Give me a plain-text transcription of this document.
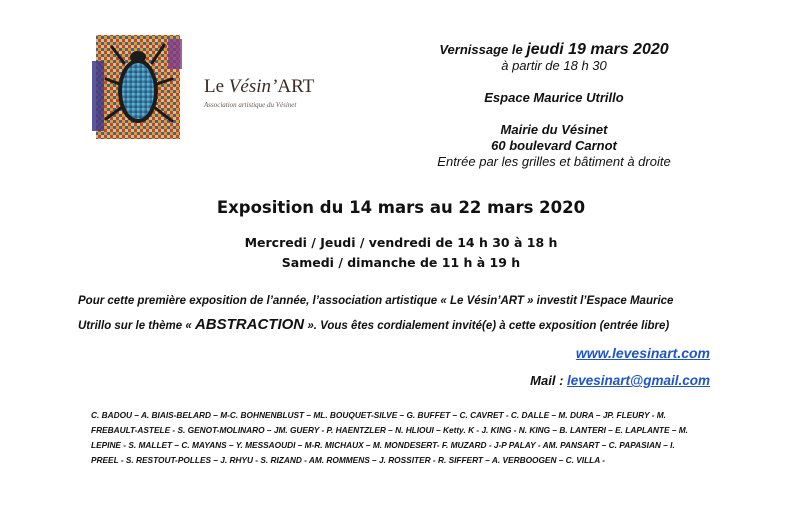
Le Vésin’ART
Association artistique du Vésinet
Vernissage le jeudi 19 mars 2020
à partir de 18 h 30
Espace Maurice Utrillo
Mairie du Vésinet
60 boulevard Carnot
Entrée par les grilles et bâtiment à droite
Exposition du 14 mars au 22 mars 2020
Mercredi / Jeudi / vendredi de 14 h 30 à 18 h
Samedi / dimanche de 11 h à 19 h
Pour cette première exposition de l’année, l’association artistique « Le Vésin’ART » investit l’Espace Maurice
Utrillo sur le thème « ABSTRACTION ». Vous êtes cordialement invité(e) à cette exposition (entrée libre)
www.levesinart.com
Mail : levesinart@gmail.com
C. BADOU – A. BIAIS-BELARD – M-C. BOHNENBLUST – ML. BOUQUET-SILVE – G. BUFFET – C. CAVRET - C. DALLE – M. DURA – JP. FLEURY - M.
FREBAULT-ASTELE - S. GENOT-MOLINARO – JM. GUERY - P. HAENTZLER – N. HLIOUI – Ketty. K - J. KING - N. KING – B. LANTERI – E. LAPLANTE – M.
LEPINE - S. MALLET – C. MAYANS – Y. MESSAOUDI – M-R. MICHAUX – M. MONDESERT- F. MUZARD - J-P PALAY - AM. PANSART – C. PAPASIAN – I.
PREEL - S. RESTOUT-POLLES – J. RHYU - S. RIZAND - AM. ROMMENS – J. ROSSITER - R. SIFFERT – A. VERBOOGEN – C. VILLA -
